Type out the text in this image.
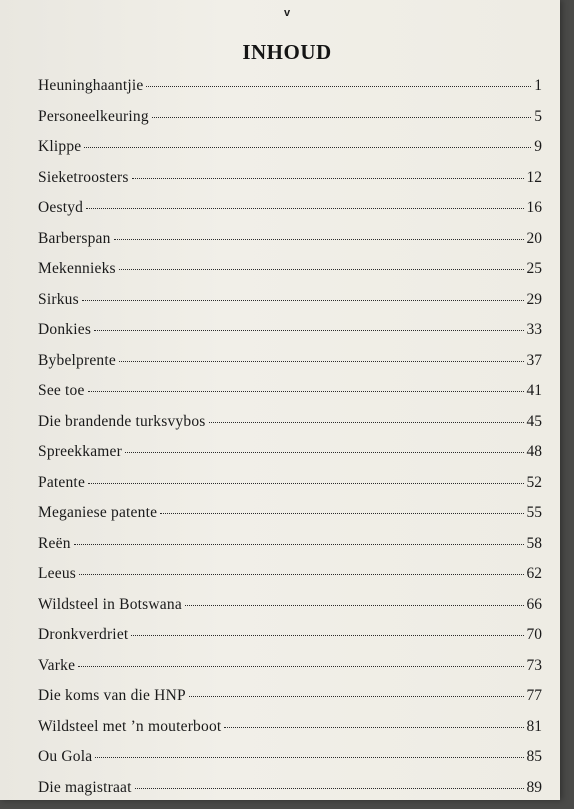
v
INHOUD
Heuninghaantjie	1
Personeelkeuring	5
Klippe	9
Sieketroosters	12
Oestyd	16
Barberspan	20
Mekennieks	25
Sirkus	29
Donkies	33
Bybelprente	37
See toe	41
Die brandende turksvybos	45
Spreekkamer	48
Patente	52
Meganiese patente	55
Reën	58
Leeus	62
Wildsteel in Botswana	66
Dronkverdriet	70
Varke	73
Die koms van die HNP	77
Wildsteel met ’n mouterboot	81
Ou Gola	85
Die magistraat	89
